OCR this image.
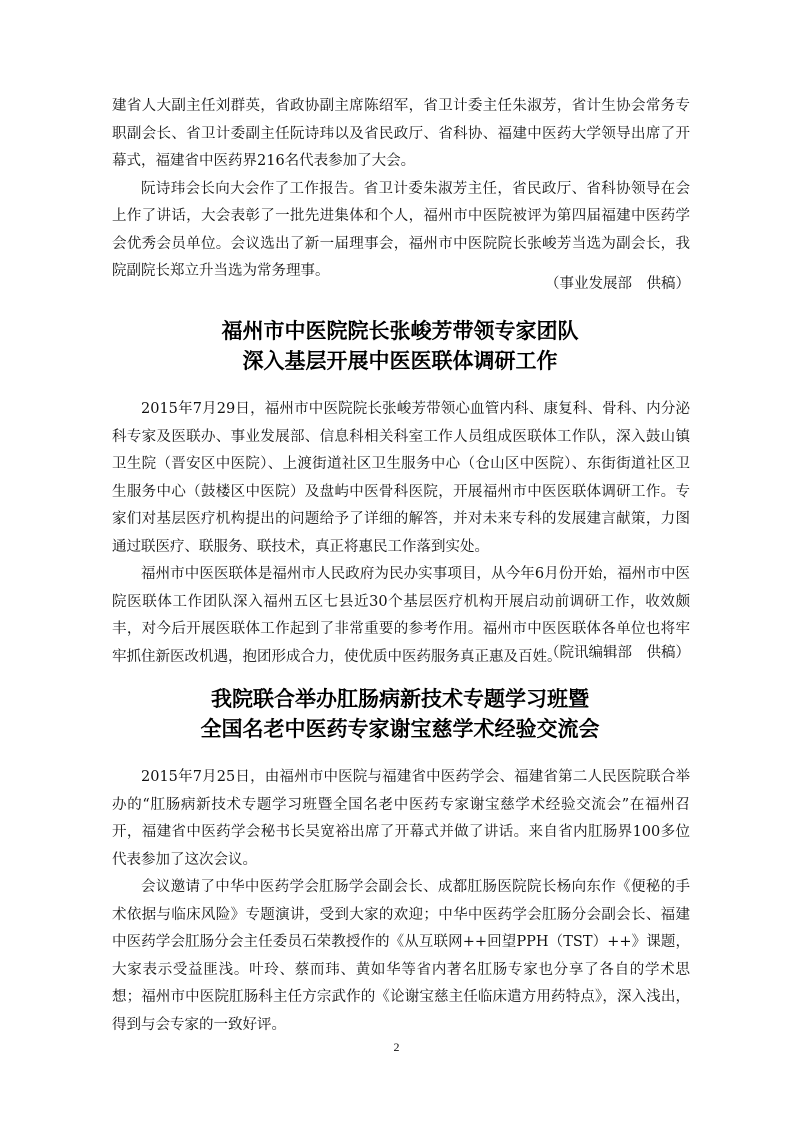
建省人大副主任刘群英，省政协副主席陈绍军，省卫计委主任朱淑芳，省计生协会常务专职副会长、省卫计委副主任阮诗玮以及省民政厅、省科协、福建中医药大学领导出席了开幕式，福建省中医药界216名代表参加了大会。

阮诗玮会长向大会作了工作报告。省卫计委朱淑芳主任，省民政厅、省科协领导在会上作了讲话，大会表彰了一批先进集体和个人，福州市中医院被评为第四届福建中医药学会优秀会员单位。会议选出了新一届理事会，福州市中医院院长张峻芳当选为副会长，我院副院长郑立升当选为常务理事。

（事业发展部　供稿）
福州市中医院院长张峻芳带领专家团队
深入基层开展中医医联体调研工作

2015年7月29日，福州市中医院院长张峻芳带领心血管内科、康复科、骨科、内分泌科专家及医联办、事业发展部、信息科相关科室工作人员组成医联体工作队，深入鼓山镇卫生院（晋安区中医院）、上渡街道社区卫生服务中心（仓山区中医院）、东街街道社区卫生服务中心（鼓楼区中医院）及盘屿中医骨科医院，开展福州市中医医联体调研工作。专家们对基层医疗机构提出的问题给予了详细的解答，并对未来专科的发展建言献策，力图通过联医疗、联服务、联技术，真正将惠民工作落到实处。

福州市中医医联体是福州市人民政府为民办实事项目，从今年6月份开始，福州市中医院医联体工作团队深入福州五区七县近30个基层医疗机构开展启动前调研工作，收效颇丰，对今后开展医联体工作起到了非常重要的参考作用。福州市中医医联体各单位也将牢牢抓住新医改机遇，抱团形成合力，使优质中医药服务真正惠及百姓。

（院讯编辑部　供稿）
我院联合举办肛肠病新技术专题学习班暨
全国名老中医药专家谢宝慈学术经验交流会

2015年7月25日，由福州市中医院与福建省中医药学会、福建省第二人民医院联合举办的“肛肠病新技术专题学习班暨全国名老中医药专家谢宝慈学术经验交流会”在福州召开，福建省中医药学会秘书长吴宽裕出席了开幕式并做了讲话。来自省内肛肠界100多位代表参加了这次会议。

会议邀请了中华中医药学会肛肠学会副会长、成都肛肠医院院长杨向东作《便秘的手术依据与临床风险》专题演讲，受到大家的欢迎；中华中医药学会肛肠分会副会长、福建中医药学会肛肠分会主任委员石荣教授作的《从互联网++回望PPH（TST）++》课题，大家表示受益匪浅。叶玲、蔡而玮、黄如华等省内著名肛肠专家也分享了各自的学术思想；福州市中医院肛肠科主任方宗武作的《论谢宝慈主任临床遣方用药特点》，深入浅出，得到与会专家的一致好评。

2
